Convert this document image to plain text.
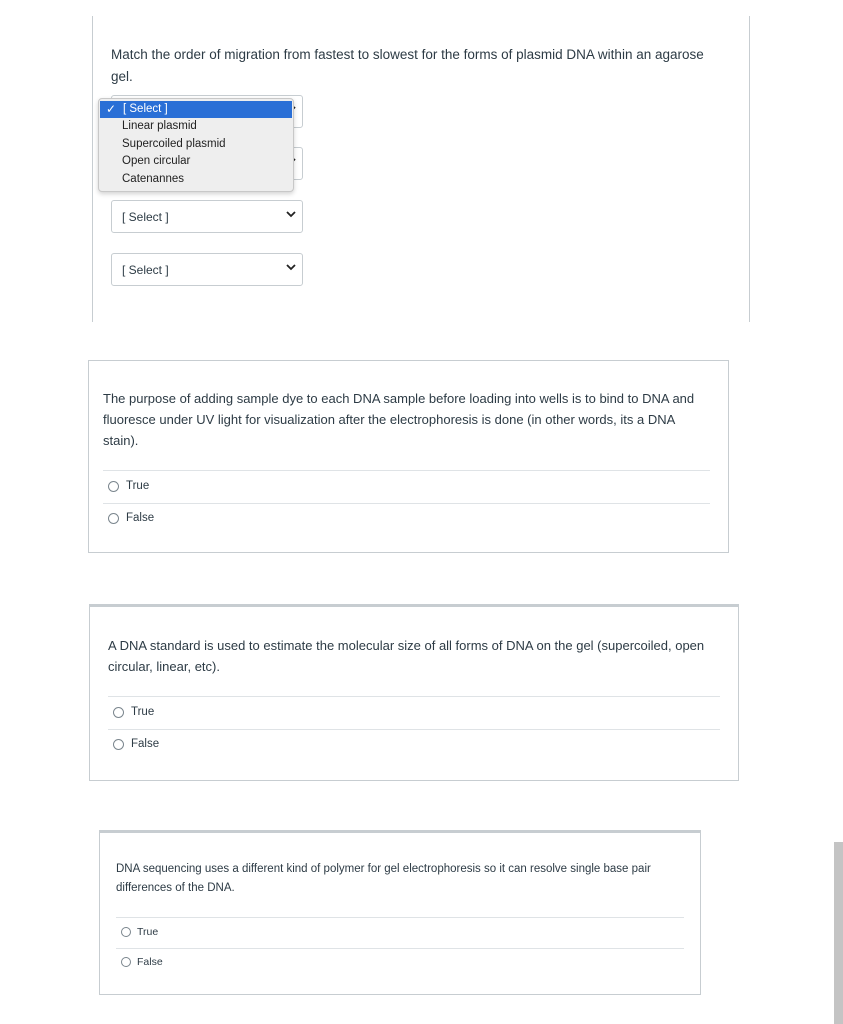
Match the order of migration from fastest to slowest for the forms of plasmid DNA within an agarose gel.
[ Select ]
[ Select ]
✓ [ Select ]
Linear plasmid
Supercoiled plasmid
Open circular
Catenannes
The purpose of adding sample dye to each DNA sample before loading into wells is to bind to DNA and fluoresce under UV light for visualization after the electrophoresis is done (in other words, its a DNA stain).
True
False
A DNA standard is used to estimate the molecular size of all forms of DNA on the gel (supercoiled, open circular, linear, etc).
True
False
DNA sequencing uses a different kind of polymer for gel electrophoresis so it can resolve single base pair differences of the DNA.
True
False
